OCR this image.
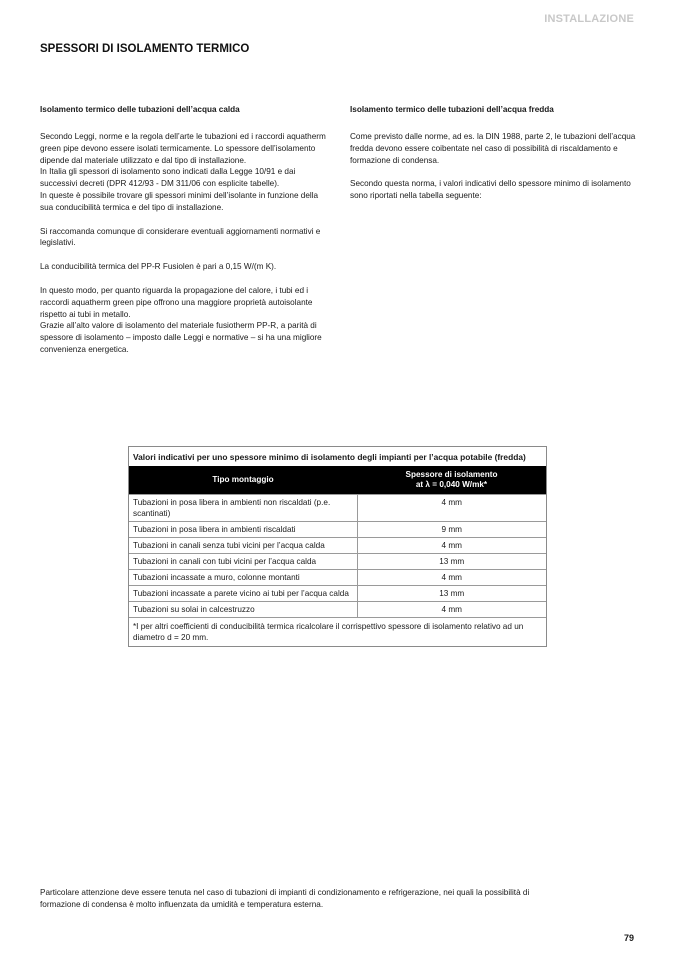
INSTALLAZIONE
SPESSORI DI ISOLAMENTO TERMICO
Isolamento termico delle tubazioni dell’acqua calda

Secondo Leggi, norme e la regola dell’arte le tubazioni ed i raccordi aquatherm green pipe devono essere isolati termicamente. Lo spessore dell’isolamento dipende dal materiale utilizzato e dal tipo di installazione.
In Italia gli spessori di isolamento sono indicati dalla Legge 10/91 e dai successivi decreti (DPR 412/93 - DM 311/06 con esplicite tabelle).
In queste è possibile trovare gli spessori minimi dell’isolante in funzione della sua conducibilità termica e del tipo di installazione.

Si raccomanda comunque di considerare eventuali aggiornamenti normativi e legislativi.

La conducibilità termica del PP-R Fusiolen è pari a 0,15 W/(m K).

In questo modo, per quanto riguarda la propagazione del calore, i tubi ed i raccordi aquatherm green pipe offrono una maggiore proprietà autoisolante rispetto ai tubi in metallo.
Grazie all’alto valore di isolamento del materiale fusiotherm PP-R, a parità di spessore di isolamento – imposto dalle Leggi e normative – si ha una migliore convenienza energetica.

Isolamento termico delle tubazioni dell’acqua fredda

Come previsto dalle norme, ad es. la DIN 1988, parte 2, le tubazioni dell’acqua fredda devono essere coibentate nel caso di possibilità di riscaldamento e formazione di condensa.

Secondo questa norma, i valori indicativi dello spessore minimo di isolamento sono riportati nella tabella seguente:

Valori indicativi per uno spessore minimo di isolamento degli impianti per l’acqua potabile (fredda)
Tipo montaggio	Spessore di isolamento
at λ = 0,040 W/mk*
Tubazioni in posa libera in ambienti non riscaldati (p.e. scantinati)	4 mm
Tubazioni in posa libera in ambienti riscaldati	9 mm
Tubazioni in canali senza tubi vicini per l’acqua calda	4 mm
Tubazioni in canali con tubi vicini per l’acqua calda	13 mm
Tubazioni incassate a muro, colonne montanti	4 mm
Tubazioni incassate a parete vicino ai tubi per l’acqua calda	13 mm
Tubazioni su solai in calcestruzzo	4 mm
*I per altri coefficienti di conducibilità termica ricalcolare il corrispettivo spessore di isolamento relativo ad un diametro d = 20 mm.	

Particolare attenzione deve essere tenuta nel caso di tubazioni di impianti di condizionamento e refrigerazione, nei quali la possibilità di formazione di condensa è molto influenzata da umidità e temperatura esterna.

79
